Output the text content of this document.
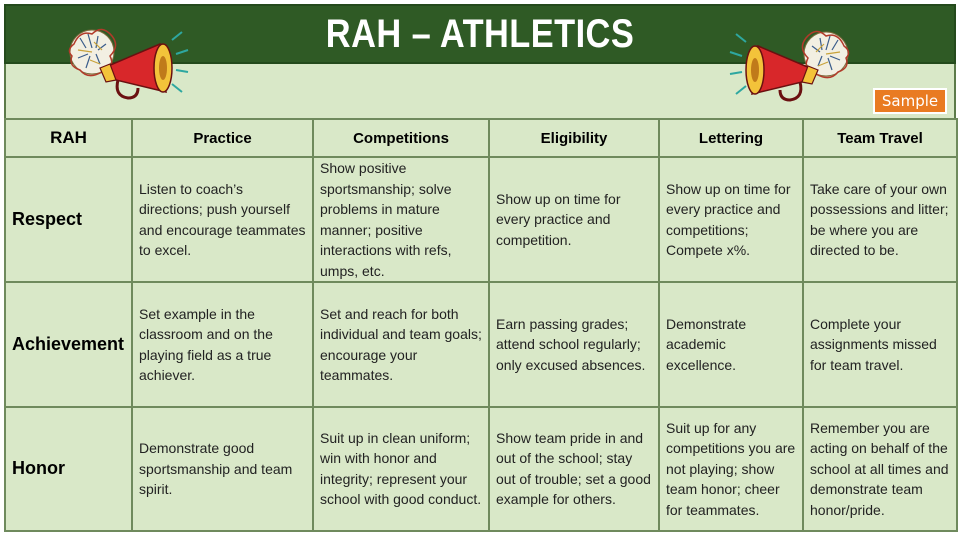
RAH – ATHLETICS
Sample
RAH	Practice	Competitions	Eligibility	Lettering	Team Travel
Respect	Listen to coach’s directions; push yourself and encourage teammates to excel.	Show positive sportsmanship; solve problems in mature manner; positive interactions with refs, umps, etc.	Show up on time for every practice and competition.	Show up on time for every practice and competitions; Compete x%.	Take care of your own possessions and litter; be where you are directed to be.
Achievement	Set example in the classroom and on the playing field as a true achiever.	Set and reach for both individual and team goals; encourage your teammates.	Earn passing grades; attend school regularly; only excused absences.	Demonstrate academic excellence.	Complete your assignments missed for team travel.
Honor	Demonstrate good sportsmanship and team spirit.	Suit up in clean uniform; win with honor and integrity; represent your school with good conduct.	Show team pride in and out of the school; stay out of trouble; set a good example for others.	Suit up for any competitions you are not playing; show team honor; cheer for teammates.	Remember you are acting on behalf of the school at all times and demonstrate team honor/pride.
